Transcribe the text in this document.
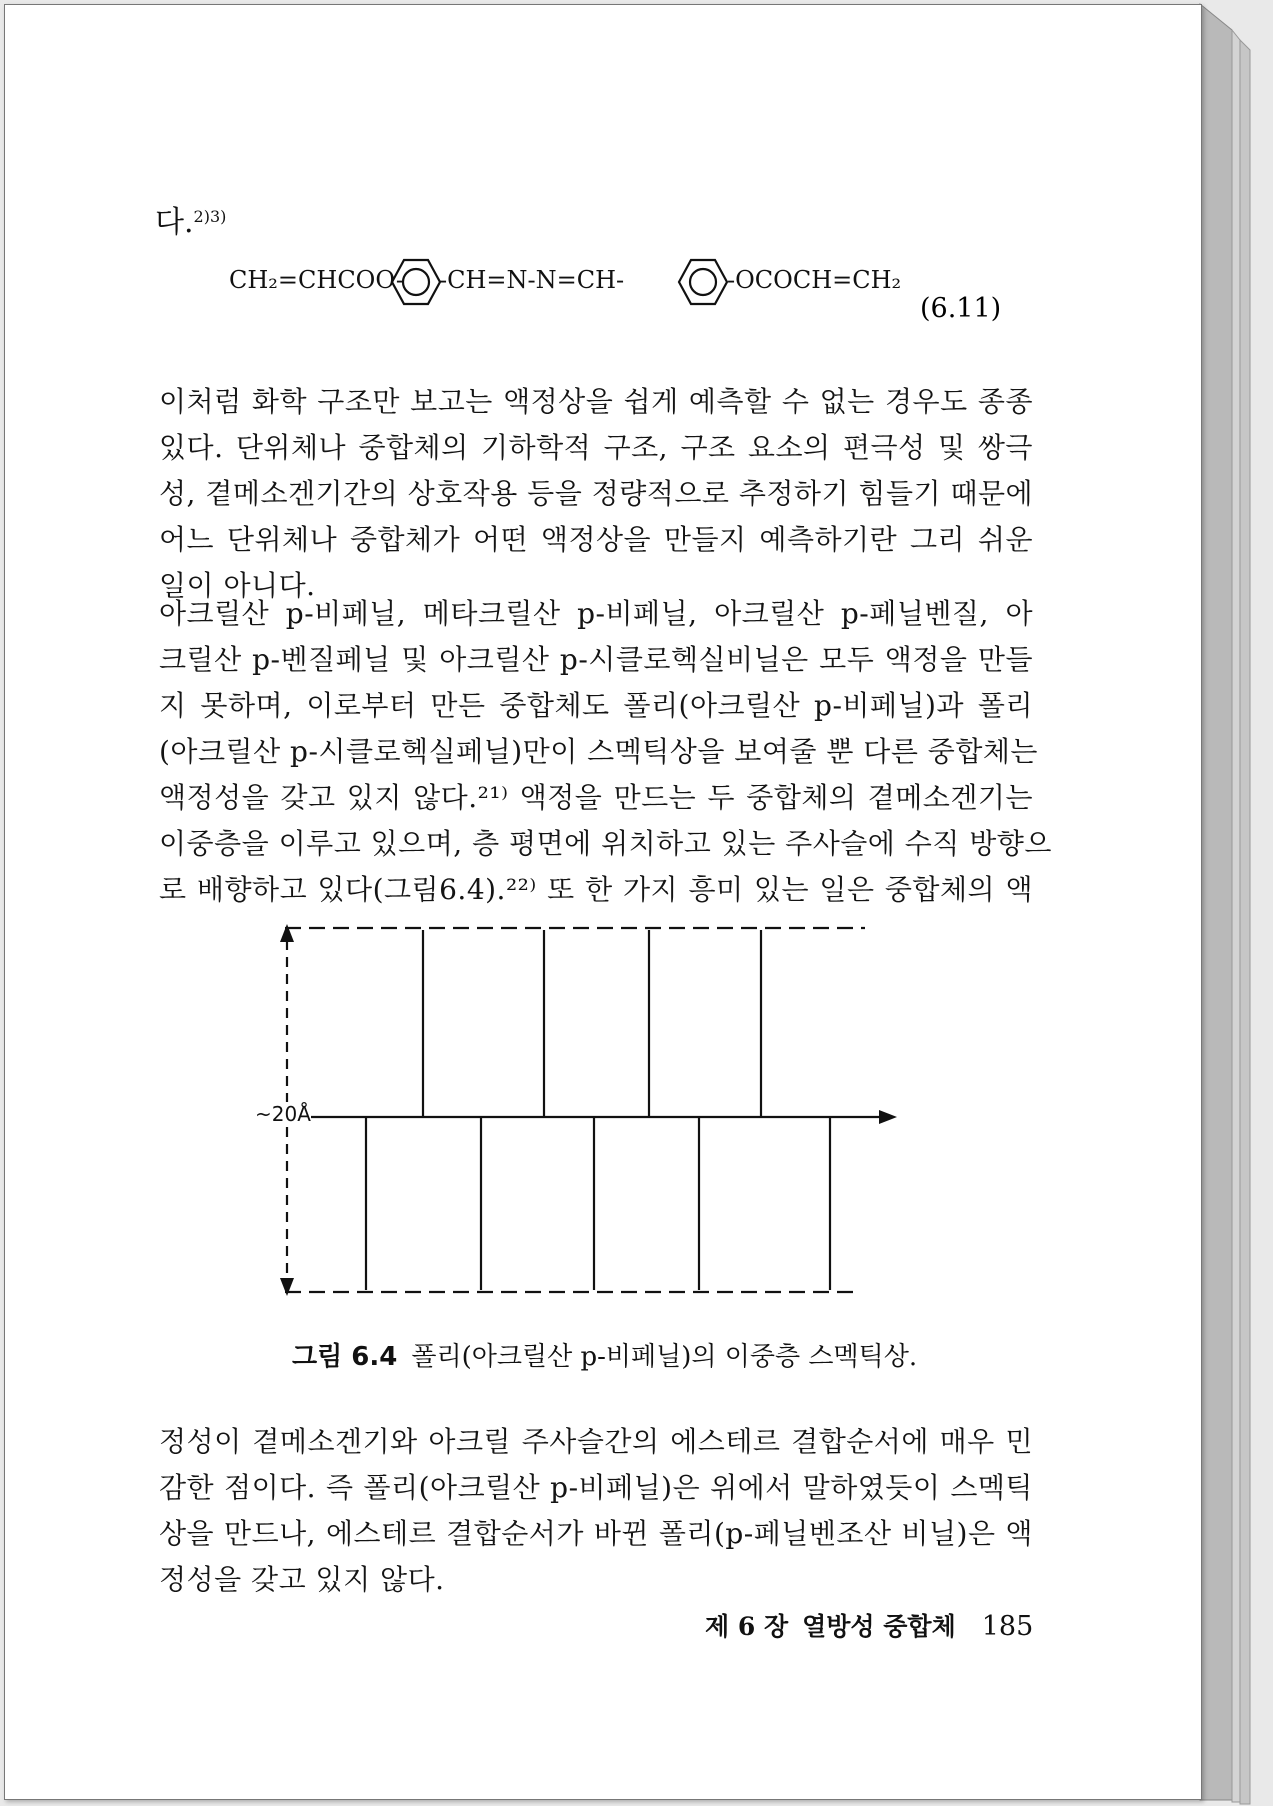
다.$^{2)3)}$
CH₂=CHCOO- -CH=N-N=CH-	-OCOCH=CH₂
(6.11)
이처럼 화학 구조만 보고는 액정상을 쉽게 예측할 수 없는 경우도 종종
있다. 단위체나 중합체의 기하학적 구조, 구조 요소의 편극성 및 쌍극
성, 곁메소겐기간의 상호작용 등을 정량적으로 추정하기 힘들기 때문에
어느 단위체나 중합체가 어떤 액정상을 만들지 예측하기란 그리 쉬운
일이 아니다.
아크릴산 p-비페닐, 메타크릴산 p-비페닐, 아크릴산 p-페닐벤질, 아
크릴산 p-벤질페닐 및 아크릴산 p-시클로헥실비닐은 모두 액정을 만들
지 못하며, 이로부터 만든 중합체도 폴리(아크릴산 p-비페닐)과 폴리
(아크릴산 p-시클로헥실페닐)만이 스멕틱상을 보여줄 뿐 다른 중합체는
액정성을 갖고 있지 않다.²¹⁾ 액정을 만드는 두 중합체의 곁메소겐기는
이중층을 이루고 있으며, 층 평면에 위치하고 있는 주사슬에 수직 방향으
로 배향하고 있다(그림6.4).²²⁾ 또 한 가지 흥미 있는 일은 중합체의 액
~20Å
그림 6.4 폴리(아크릴산 p-비페닐)의 이중층 스멕틱상.
정성이 곁메소겐기와 아크릴 주사슬간의 에스테르 결합순서에 매우 민
감한 점이다. 즉 폴리(아크릴산 p-비페닐)은 위에서 말하였듯이 스멕틱
상을 만드나, 에스테르 결합순서가 바뀐 폴리(p-페닐벤조산 비닐)은 액
정성을 갖고 있지 않다.
제 6 장 열방성 중합체 185
